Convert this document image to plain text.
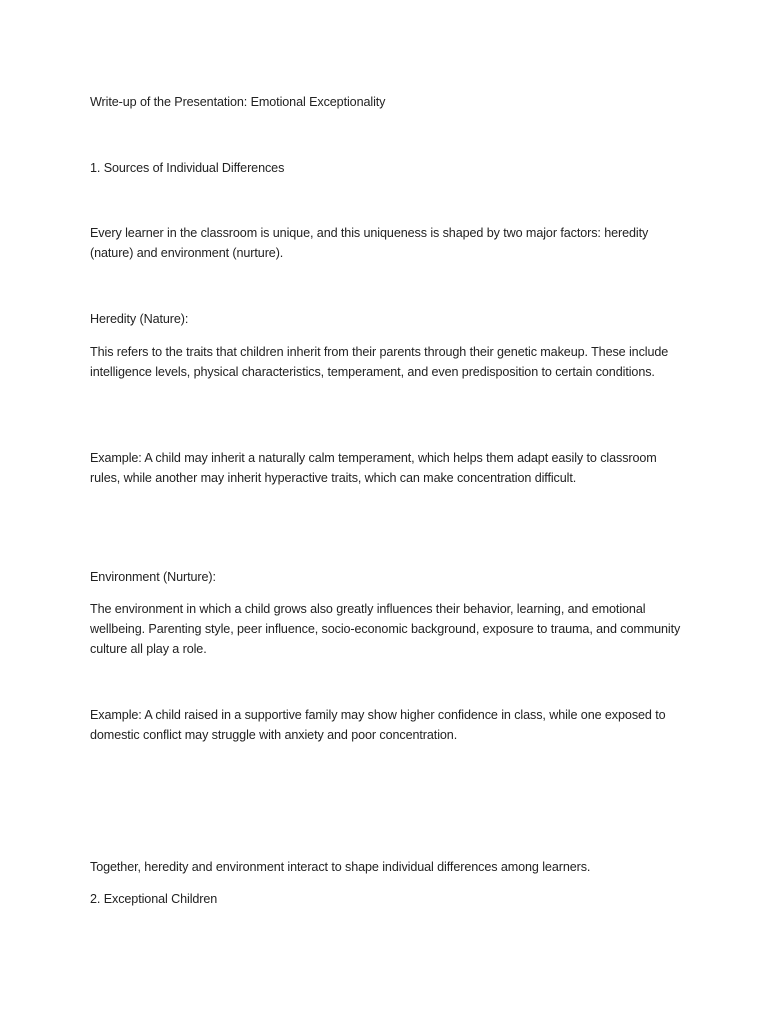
Write-up of the Presentation: Emotional Exceptionality

1. Sources of Individual Differences

Every learner in the classroom is unique, and this uniqueness is shaped by two major factors: heredity (nature) and environment (nurture).

Heredity (Nature):

This refers to the traits that children inherit from their parents through their genetic makeup. These include intelligence levels, physical characteristics, temperament, and even predisposition to certain conditions.

Example: A child may inherit a naturally calm temperament, which helps them adapt easily to classroom rules, while another may inherit hyperactive traits, which can make concentration difficult.

Environment (Nurture):

The environment in which a child grows also greatly influences their behavior, learning, and emotional wellbeing. Parenting style, peer influence, socio-economic background, exposure to trauma, and community culture all play a role.

Example: A child raised in a supportive family may show higher confidence in class, while one exposed to domestic conflict may struggle with anxiety and poor concentration.

Together, heredity and environment interact to shape individual differences among learners.

2. Exceptional Children
